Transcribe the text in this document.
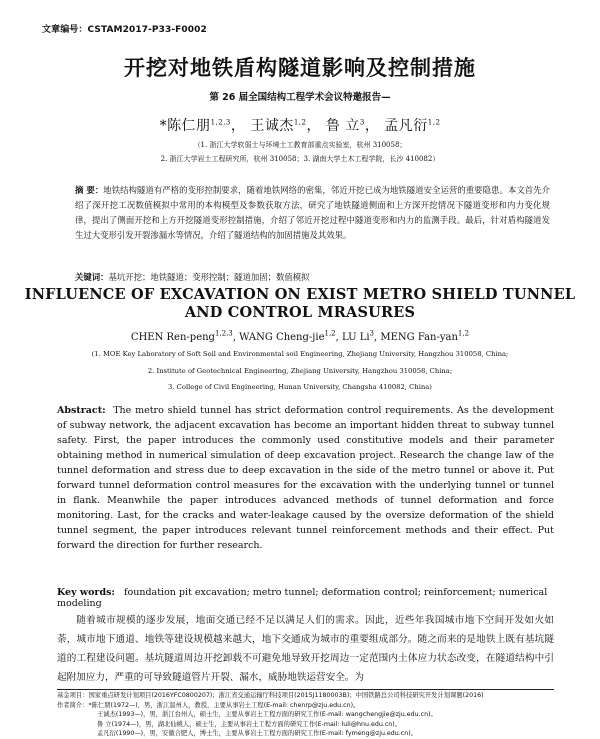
文章编号：CSTAM2017-P33-F0002
开挖对地铁盾构隧道影响及控制措施
第 26 届全国结构工程学术会议特邀报告—
*陈仁朋$^{1,2,3}$， 王诚杰$^{1,2}$， 鲁 立$^3$， 孟凡衍$^{1,2}$
（1. 浙江大学软弱土与环境土工教育部重点实验室，杭州 310058；
2. 浙江大学岩土工程研究所，杭州 310058；3. 湖南大学土木工程学院，长沙 410082）
摘 要：地铁结构隧道有严格的变形控制要求，随着地铁网络的密集，邻近开挖已成为地铁隧道安全运营的重要隐患。本文首先介绍了深开挖工况数值模拟中常用的本构模型及参数获取方法，研究了地铁隧道侧面和上方深开挖情况下隧道变形和内力变化规律，提出了侧面开挖和上方开挖隧道变形控制措施，介绍了邻近开挖过程中隧道变形和内力的监测手段。最后，针对盾构隧道发生过大变形引发开裂渗漏水等情况，介绍了隧道结构的加固措施及其效果。
关键词：基坑开挖；地铁隧道；变形控制；隧道加固；数值模拟
INFLUENCE OF EXCAVATION ON EXIST METRO SHIELD TUNNEL
AND CONTROL MRASURES
CHEN Ren-peng$^{1,2,3}$, WANG Cheng-jie$^{1,2}$, LU Li$^3$, MENG Fan-yan$^{1,2}$
(1. MOE Key Laboratory of Soft Soil and Environmental soil Engineering, Zhejiang University, Hangzhou 310058, China;
2. Institute of Geotechnical Engineering, Zhejiang University, Hangzhou 310058, China;
3. College of Civil Engineering, Hunan University, Changsha 410082, China)
Abstract: The metro shield tunnel has strict deformation control requirements. As the development of subway network, the adjacent excavation has become an important hidden threat to subway tunnel safety. First, the paper introduces the commonly used constitutive models and their parameter obtaining method in numerical simulation of deep excavation project. Research the change law of the tunnel deformation and stress due to deep excavation in the side of the metro tunnel or above it. Put forward tunnel deformation control measures for the excavation with the underlying tunnel or tunnel in flank. Meanwhile the paper introduces advanced methods of tunnel deformation and force monitoring. Last, for the cracks and water-leakage caused by the oversize deformation of the shield tunnel segment, the paper introduces relevant tunnel reinforcement methods and their effect. Put forward the direction for further research.
Key words: foundation pit excavation; metro tunnel; deformation control; reinforcement; numerical modeling
随着城市规模的逐步发展，地面交通已经不足以满足人们的需求。因此，近些年我国城市地下空间开发如火如荼，城市地下通道、地铁等建设规模越来越大，地下交通成为城市的重要组成部分。随之而来的是地铁上既有基坑隧道的工程建设问题。基坑隧道周边开挖卸载不可避免地导致开挖周边一定范围内土体应力状态改变，在隧道结构中引起附加应力，严重的可导致隧道管片开裂、漏水，威胁地铁运营安全。为
基金项目：国家重点研发计划项目(2016YFC0800207)；浙江省交通运输厅科技项目(2015J1180003B)；中国铁路总公司科技研究开发计划课题(2016)
作者简介：*陈仁朋(1972—)，男，浙江温州人，教授，主要从事岩土工程(E-mail: chenrp@zju.edu.cn)。
王诚杰(1993—)，男，浙江台州人，硕士生，主要从事岩土工程方面的研究工作(E-mail: wangchengjie@zju.edu.cn)。
鲁 立(1974—)，男，湖北仙桃人，硕士生，主要从事岩土工程方面的研究工作(E-mail: luli@hnu.edu.cn)。
孟凡衍(1990—)，男，安徽合肥人，博士生，主要从事岩土工程方面的研究工作(E-mail: fymeng@zju.edu.cn)。
